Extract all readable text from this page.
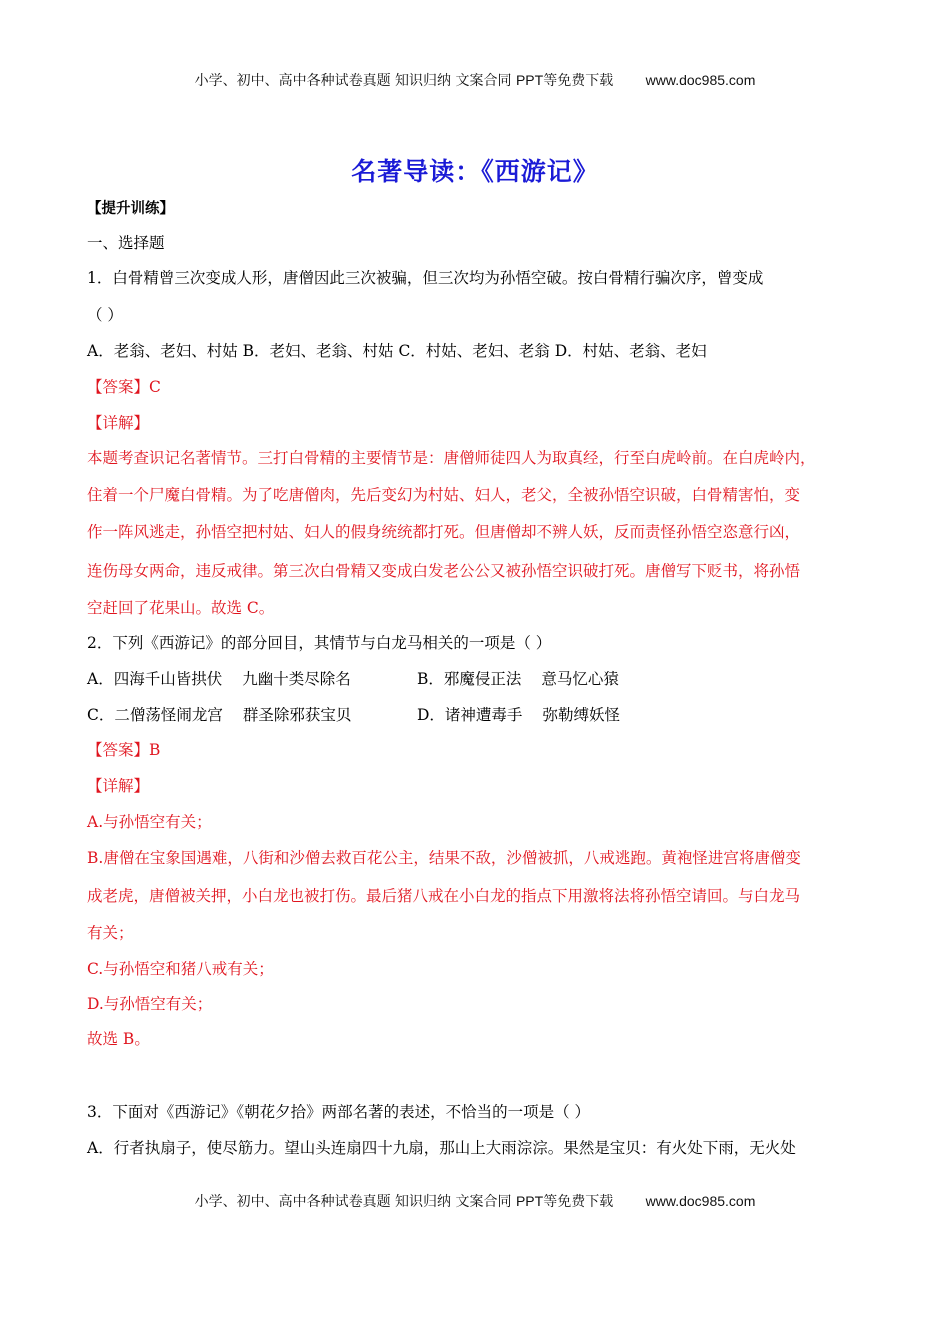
小学、初中、高中各种试卷真题 知识归纳 文案合同 PPT等免费下载 www.doc985.com
名著导读：《西游记》
【提升训练】
一、选择题
1．白骨精曾三次变成人形，唐僧因此三次被骗，但三次均为孙悟空破。按白骨精行骗次序，曾变成
（ ）
A．老翁、老妇、村姑 B．老妇、老翁、村姑 C．村姑、老妇、老翁 D．村姑、老翁、老妇
【答案】C
【详解】
本题考查识记名著情节。三打白骨精的主要情节是：唐僧师徒四人为取真经，行至白虎岭前。在白虎岭内，
住着一个尸魔白骨精。为了吃唐僧肉，先后变幻为村姑、妇人，老父，全被孙悟空识破，白骨精害怕，变
作一阵风逃走，孙悟空把村姑、妇人的假身统统都打死。但唐僧却不辨人妖，反而责怪孙悟空恣意行凶，
连伤母女两命，违反戒律。第三次白骨精又变成白发老公公又被孙悟空识破打死。唐僧写下贬书，将孙悟
空赶回了花果山。故选 C。
2．下列《西游记》的部分回目，其情节与白龙马相关的一项是（ ）
A．四海千山皆拱伏 九幽十类尽除名	B．邪魔侵正法 意马忆心猿
C．二僧荡怪闹龙宫 群圣除邪获宝贝	D．诸神遭毒手 弥勒缚妖怪
【答案】B
【详解】
A.与孙悟空有关；
B.唐僧在宝象国遇难，八街和沙僧去救百花公主，结果不敌，沙僧被抓，八戒逃跑。黄袍怪进宫将唐僧变
成老虎，唐僧被关押，小白龙也被打伤。最后猪八戒在小白龙的指点下用激将法将孙悟空请回。与白龙马
有关；
C.与孙悟空和猪八戒有关；
D.与孙悟空有关；
故选 B。
3．下面对《西游记》《朝花夕拾》两部名著的表述，不恰当的一项是（ ）
A．行者执扇子，使尽筋力。望山头连扇四十九扇，那山上大雨淙淙。果然是宝贝：有火处下雨，无火处
小学、初中、高中各种试卷真题 知识归纳 文案合同 PPT等免费下载 www.doc985.com
